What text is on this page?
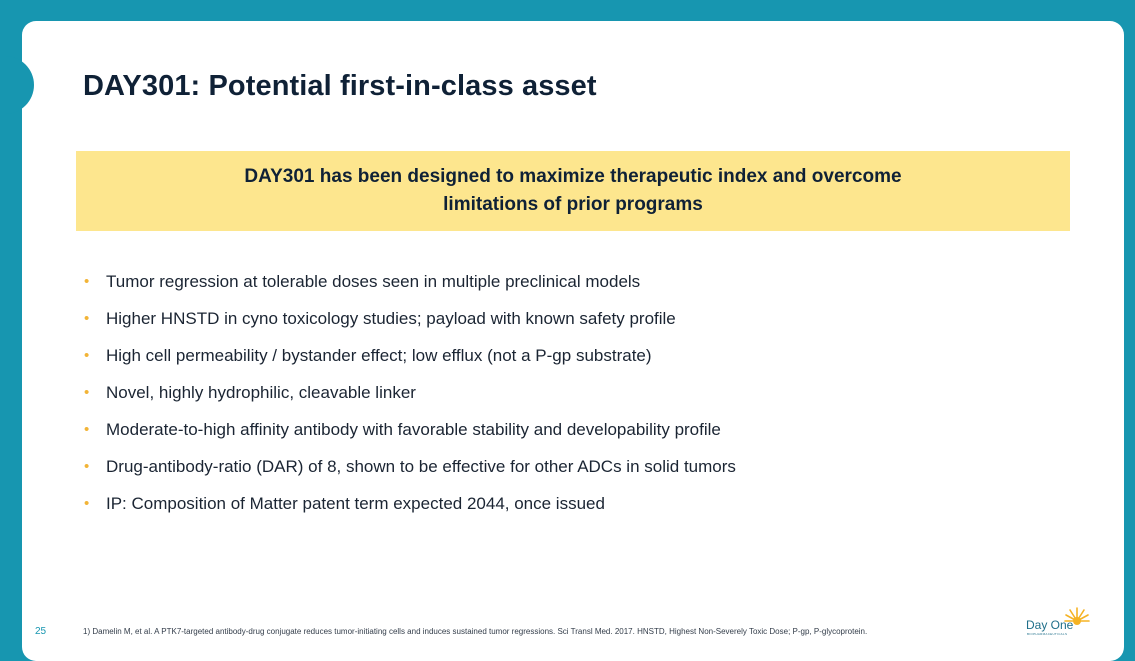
DAY301: Potential first-in-class asset
DAY301 has been designed to maximize therapeutic index and overcome
limitations of prior programs
• Tumor regression at tolerable doses seen in multiple preclinical models
• Higher HNSTD in cyno toxicology studies; payload with known safety profile
• High cell permeability / bystander effect; low efflux (not a P-gp substrate)
• Novel, highly hydrophilic, cleavable linker
• Moderate-to-high affinity antibody with favorable stability and developability profile
• Drug-antibody-ratio (DAR) of 8, shown to be effective for other ADCs in solid tumors
• IP: Composition of Matter patent term expected 2044, once issued
25	1) Damelin M, et al. A PTK7-targeted antibody-drug conjugate reduces tumor-initiating cells and induces sustained tumor regressions. Sci Transl Med. 2017. HNSTD, Highest Non-Severely Toxic Dose; P-gp, P-glycoprotein.	Day One
BIOPHARMACEUTICALS
